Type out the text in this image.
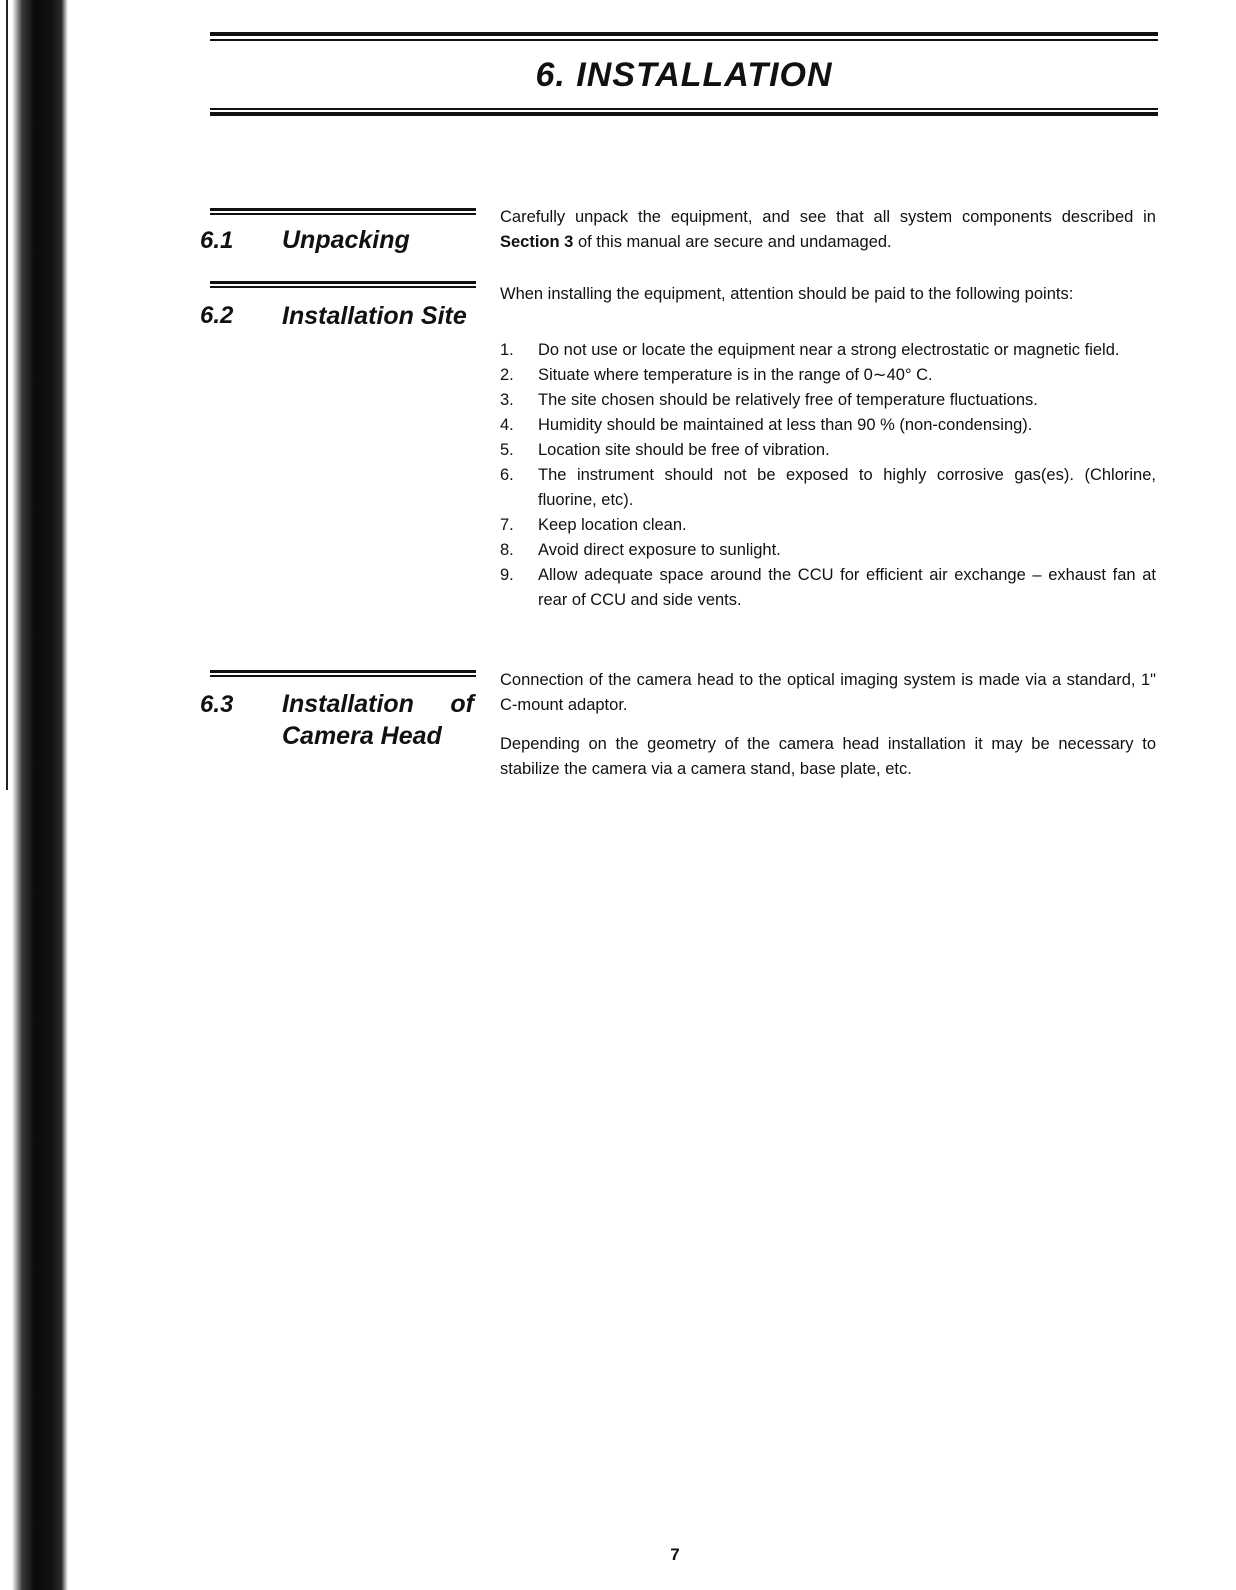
6. INSTALLATION
6.1 Unpacking

Carefully unpack the equipment, and see that all system components described in Section 3 of this manual are secure and undamaged.

6.2 Installation Site
When installing the equipment, attention should be paid to the following points:
1.	Do not use or locate the equipment near a strong electrostatic or magnetic field.
2.	Situate where temperature is in the range of 0∼40° C.
3.	The site chosen should be relatively free of temperature fluctuations.
4.	Humidity should be maintained at less than 90 % (non-condensing).
5.	Location site should be free of vibration.
6.	The instrument should not be exposed to highly corrosive gas(es). (Chlorine, fluorine, etc).
7.	Keep location clean.
8.	Avoid direct exposure to sunlight.
9.	Allow adequate space around the CCU for efficient air exchange – exhaust fan at rear of CCU and side vents.
6.3 Installation of
Camera Head
Connection of the camera head to the optical imaging system is made via a standard, 1" C-mount adaptor.
Depending on the geometry of the camera head installation it may be necessary to stabilize the camera via a camera stand, base plate, etc.
7
